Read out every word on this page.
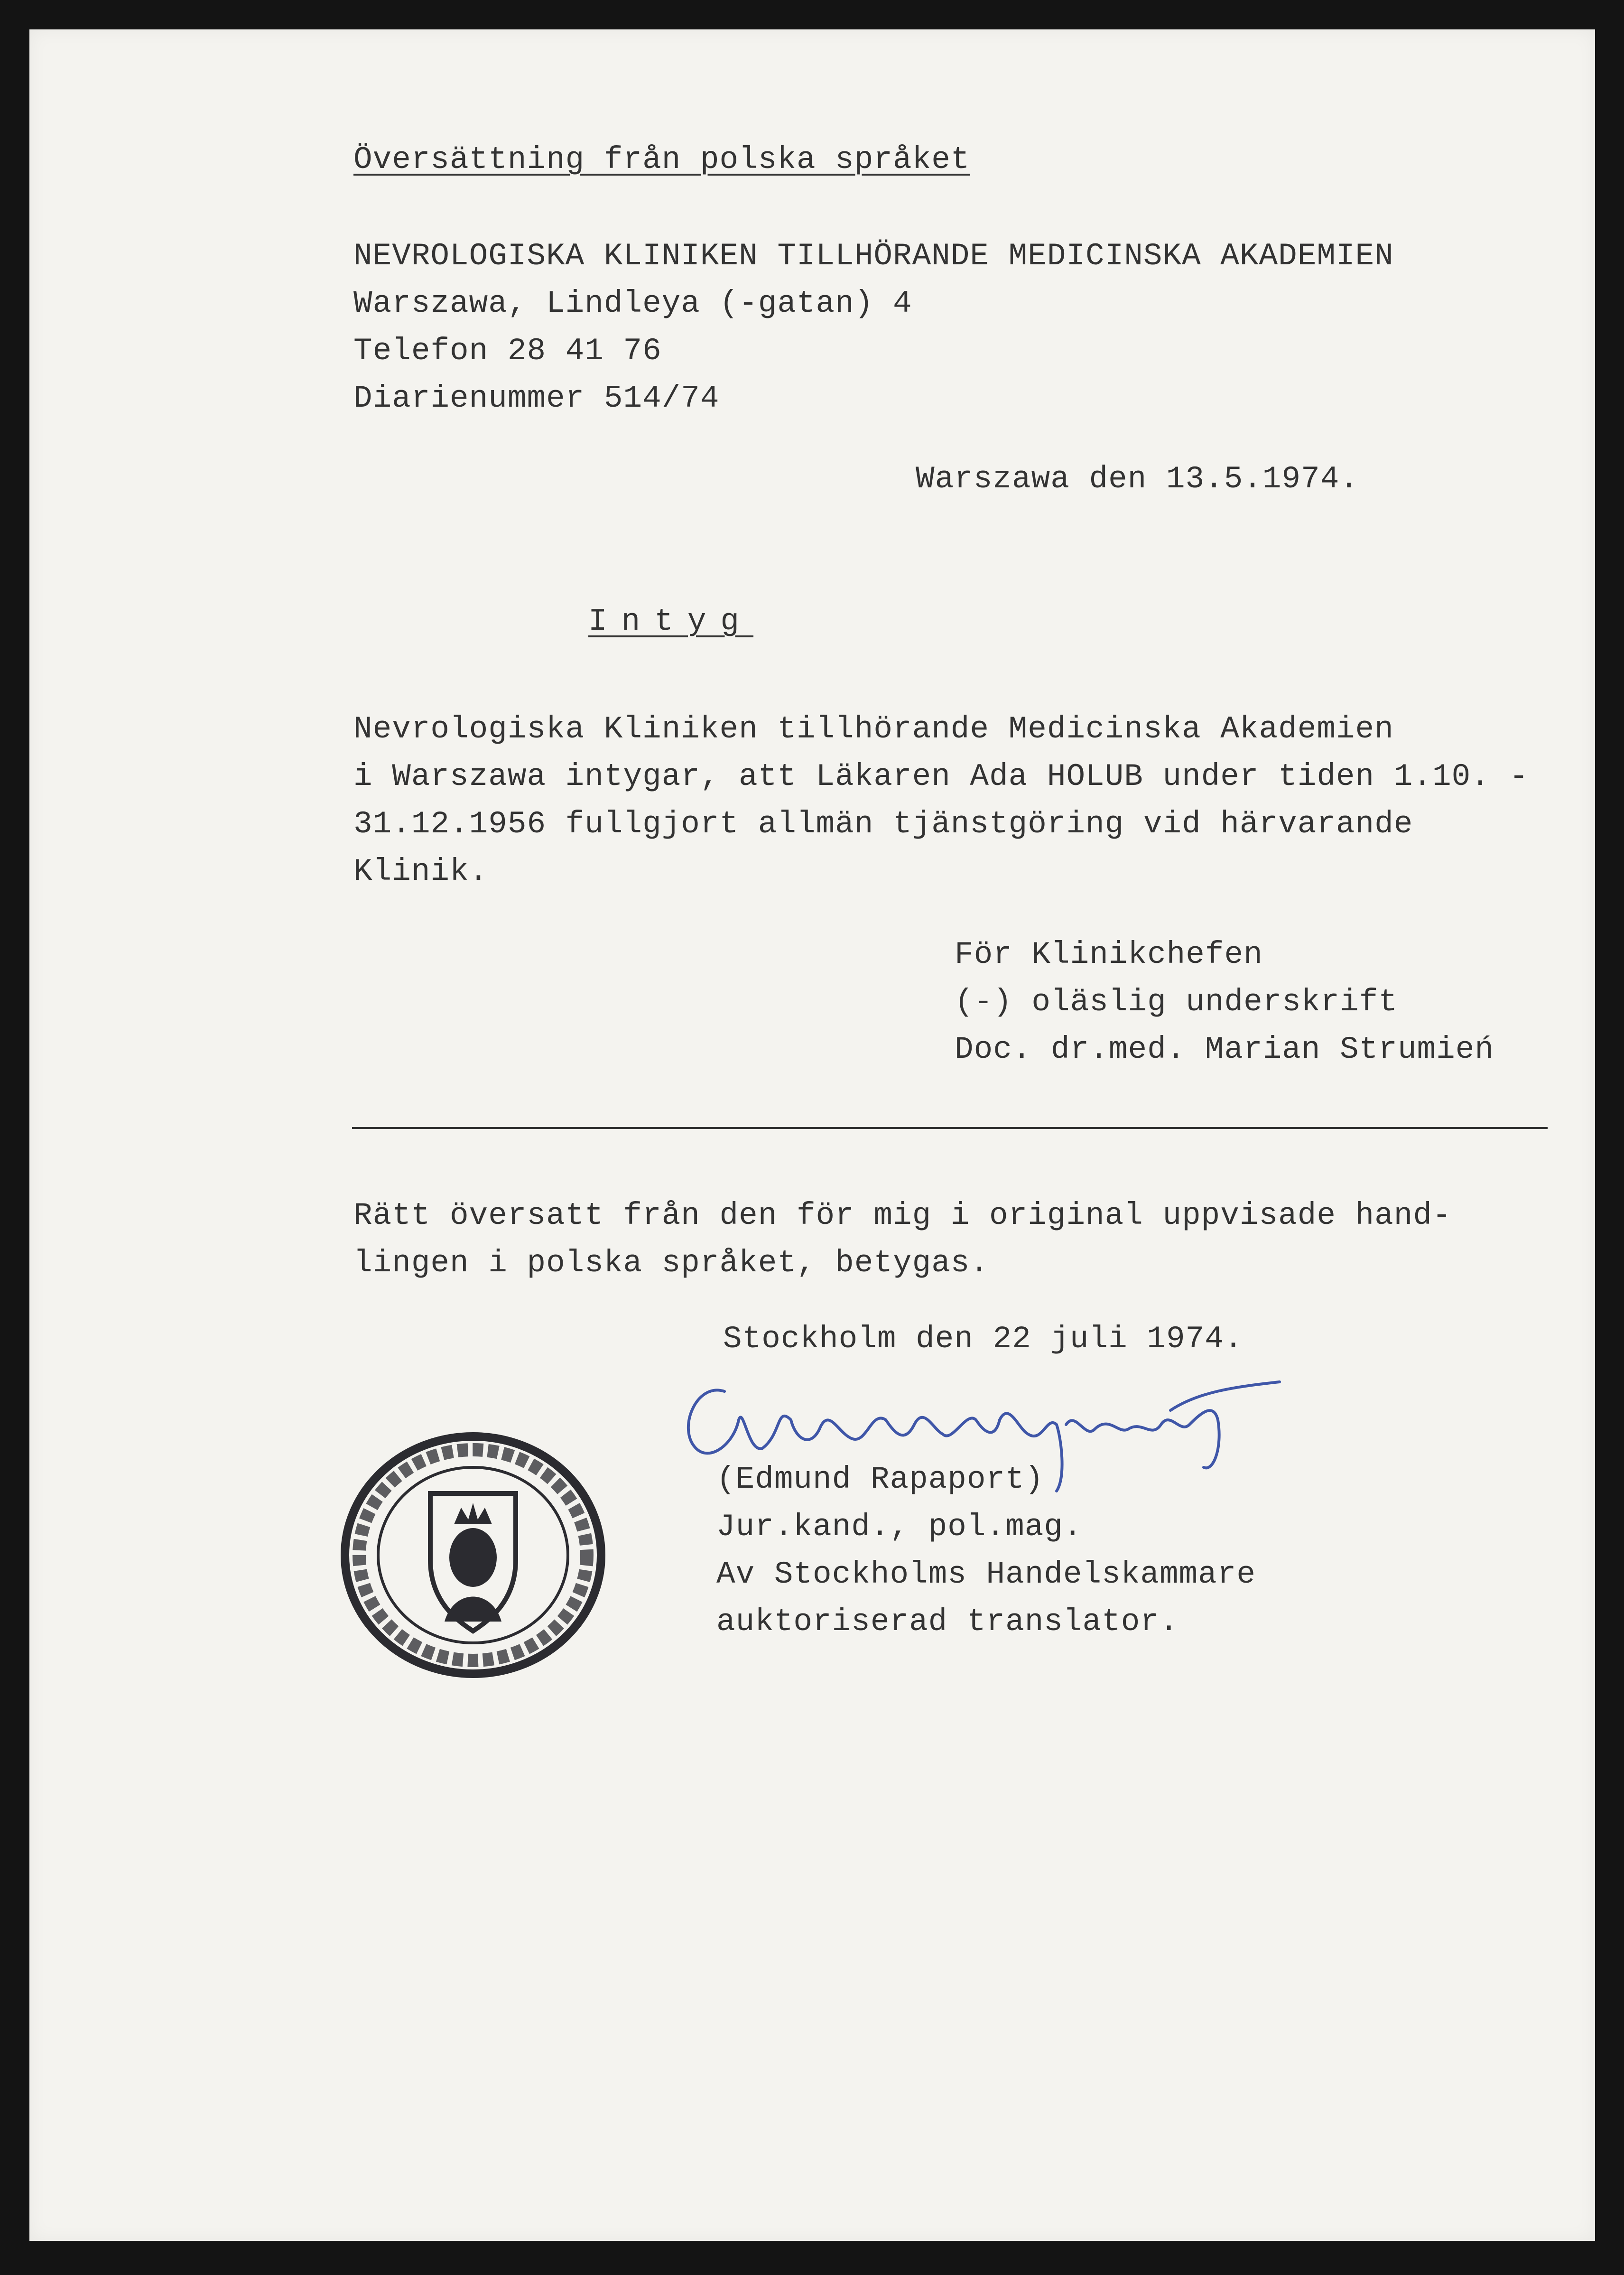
Översättning från polska språket
NEVROLOGISKA KLINIKEN TILLHÖRANDE MEDICINSKA AKADEMIEN
Warszawa, Lindleya (-gatan) 4
Telefon 28 41 76
Diarienummer 514/74
Warszawa den 13.5.1974.
Intyg
Nevrologiska Kliniken tillhörande Medicinska Akademien
i Warszawa intygar, att Läkaren Ada HOLUB under tiden 1.10. -
31.12.1956 fullgjort allmän tjänstgöring vid härvarande
Klinik.
För Klinikchefen
(-) oläslig underskrift
Doc. dr.med. Marian Strumień
Rätt översatt från den för mig i original uppvisade hand-
lingen i polska språket, betygas.
Stockholm den 22 juli 1974.
(Edmund Rapaport)
Jur.kand., pol.mag.
Av Stockholms Handelskammare
auktoriserad translator.
